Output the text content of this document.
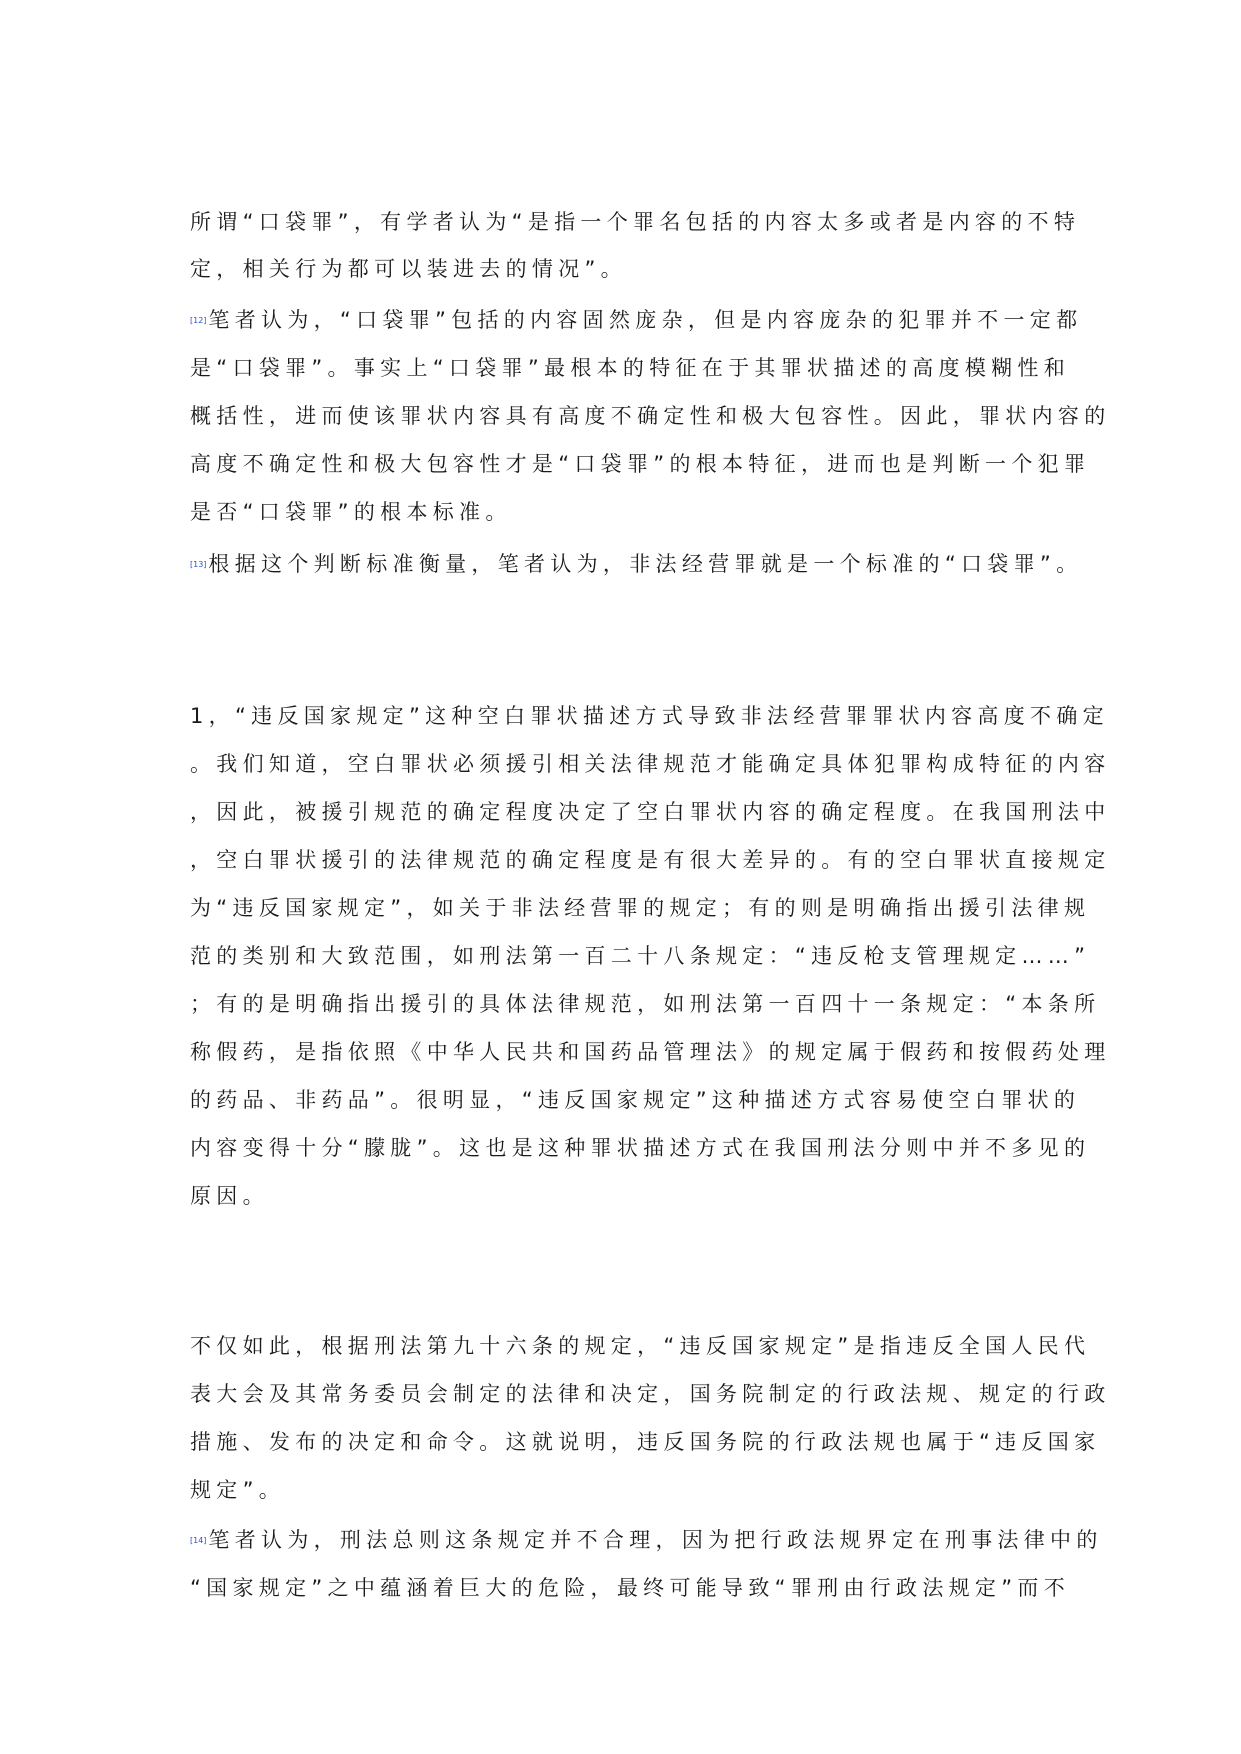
所谓“口袋罪”，有学者认为“是指一个罪名包括的内容太多或者是内容的不特
定，相关行为都可以装进去的情况”。
[12]笔者认为，“口袋罪”包括的内容固然庞杂，但是内容庞杂的犯罪并不一定都
是“口袋罪”。事实上“口袋罪”最根本的特征在于其罪状描述的高度模糊性和
概括性，进而使该罪状内容具有高度不确定性和极大包容性。因此，罪状内容的
高度不确定性和极大包容性才是“口袋罪”的根本特征，进而也是判断一个犯罪
是否“口袋罪”的根本标准。
[13]根据这个判断标准衡量，笔者认为，非法经营罪就是一个标准的“口袋罪”。
1，“违反国家规定”这种空白罪状描述方式导致非法经营罪罪状内容高度不确定
。我们知道，空白罪状必须援引相关法律规范才能确定具体犯罪构成特征的内容
，因此，被援引规范的确定程度决定了空白罪状内容的确定程度。在我国刑法中
，空白罪状援引的法律规范的确定程度是有很大差异的。有的空白罪状直接规定
为“违反国家规定”，如关于非法经营罪的规定；有的则是明确指出援引法律规
范的类别和大致范围，如刑法第一百二十八条规定：“违反枪支管理规定……”
；有的是明确指出援引的具体法律规范，如刑法第一百四十一条规定：“本条所
称假药，是指依照《中华人民共和国药品管理法》的规定属于假药和按假药处理
的药品、非药品”。很明显，“违反国家规定”这种描述方式容易使空白罪状的
内容变得十分“朦胧”。这也是这种罪状描述方式在我国刑法分则中并不多见的
原因。
不仅如此，根据刑法第九十六条的规定，“违反国家规定”是指违反全国人民代
表大会及其常务委员会制定的法律和决定，国务院制定的行政法规、规定的行政
措施、发布的决定和命令。这就说明，违反国务院的行政法规也属于“违反国家
规定”。
[14]笔者认为，刑法总则这条规定并不合理，因为把行政法规界定在刑事法律中的
“国家规定”之中蕴涵着巨大的危险，最终可能导致“罪刑由行政法规定”而不
